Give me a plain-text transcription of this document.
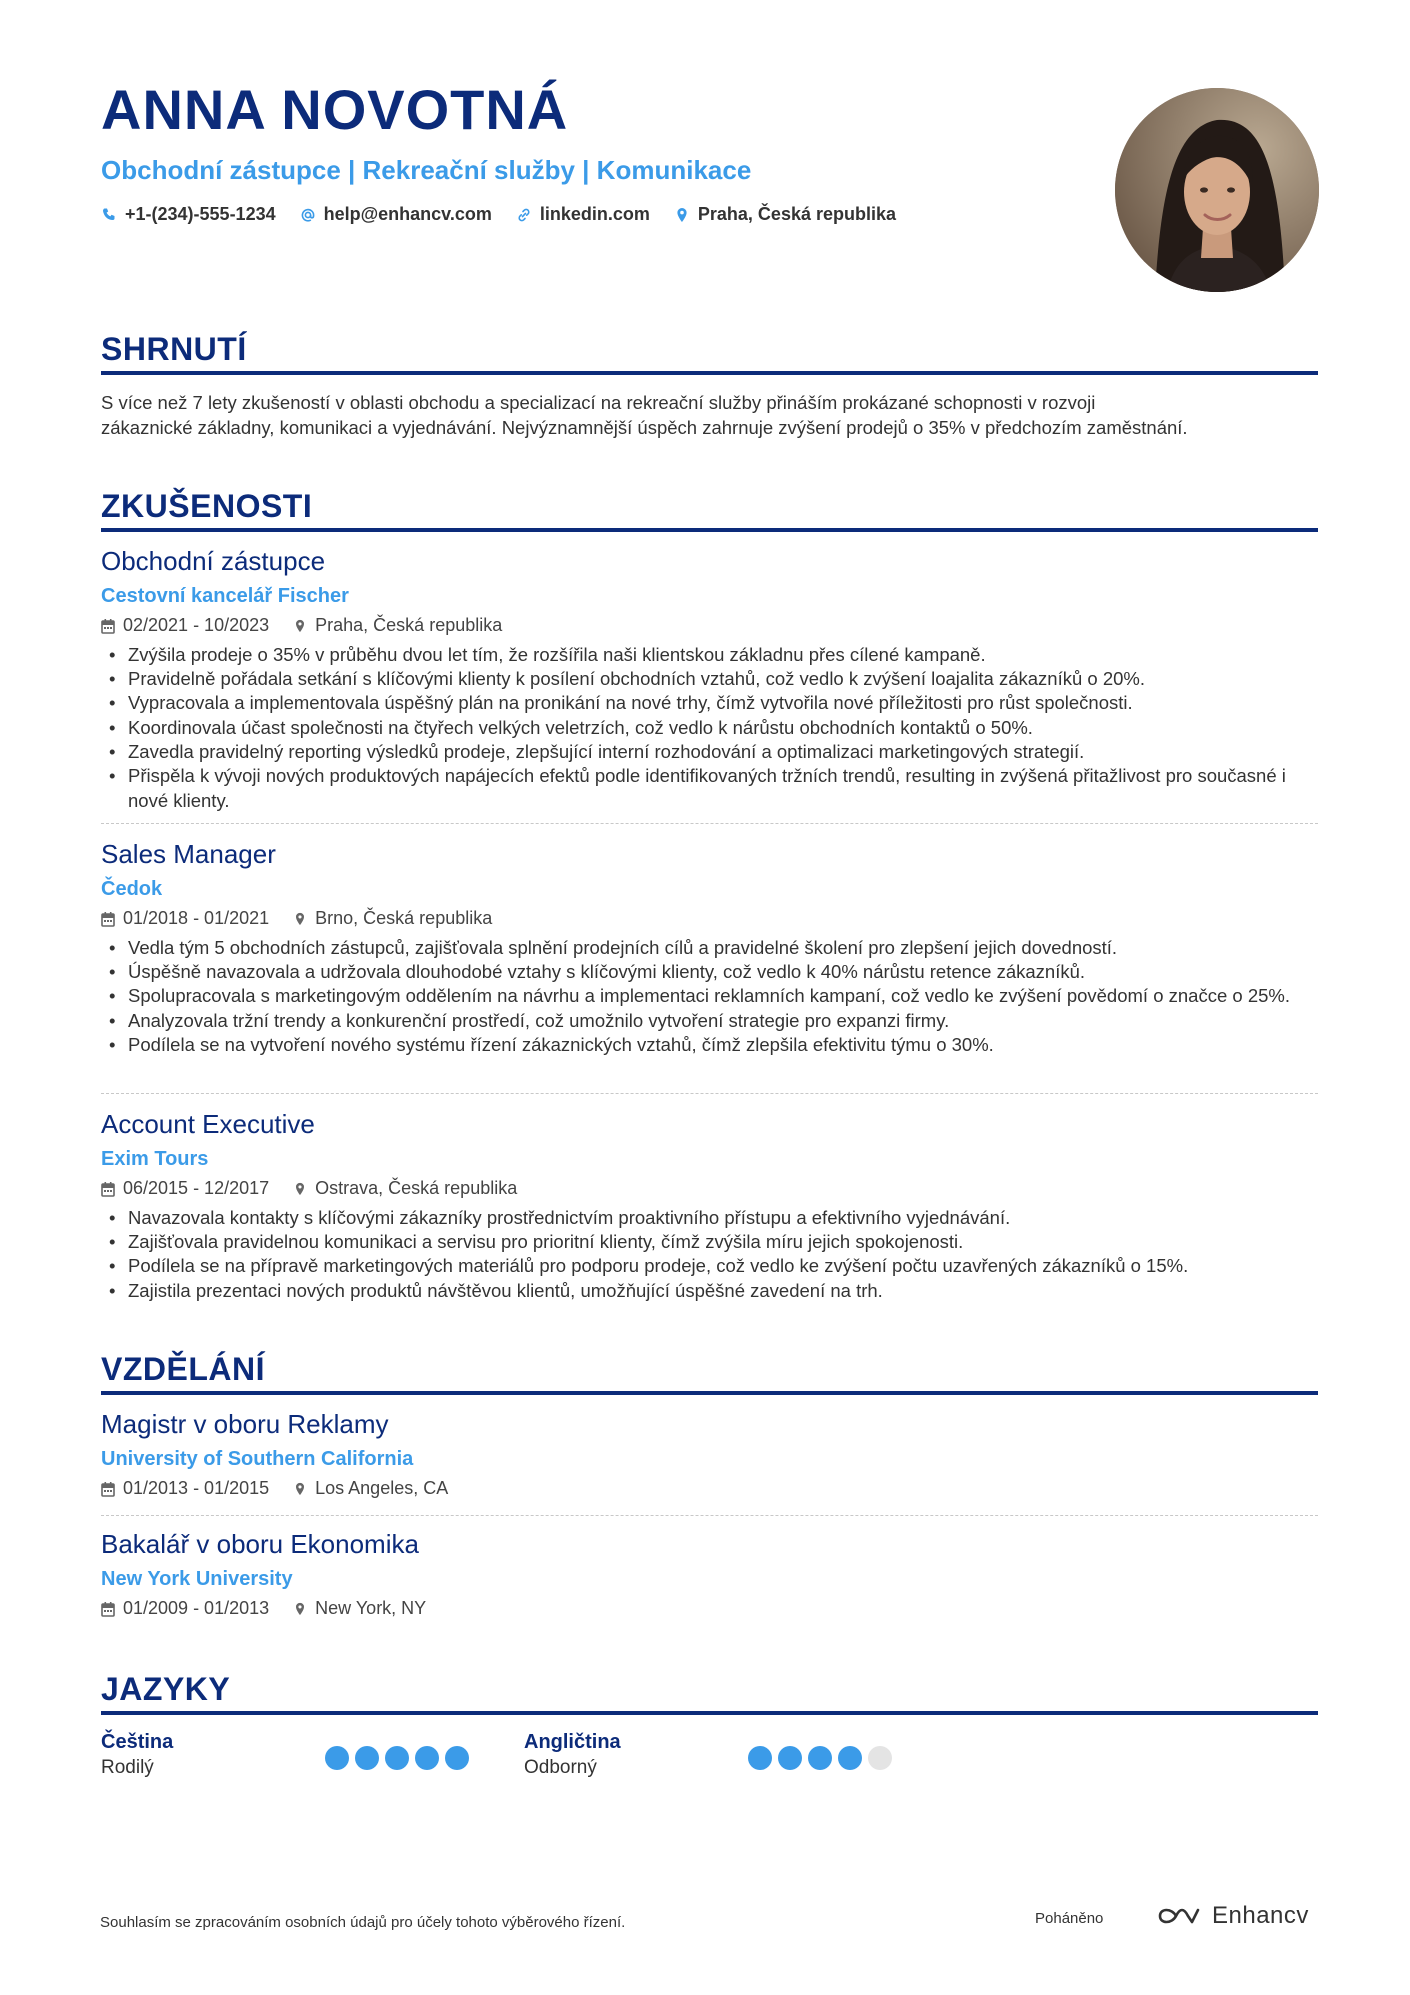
ANNA NOVOTNÁ
Obchodní zástupce | Rekreační služby | Komunikace
+1-(234)-555-1234	help@enhancv.com	linkedin.com	Praha, Česká republika
SHRNUTÍ
S více než 7 lety zkušeností v oblasti obchodu a specializací na rekreační služby přináším prokázané schopnosti v rozvoji
zákaznické základny, komunikaci a vyjednávání. Nejvýznamnější úspěch zahrnuje zvýšení prodejů o 35% v předchozím zaměstnání.
ZKUŠENOSTI
Obchodní zástupce
Cestovní kancelář Fischer
02/2021 - 10/2023	Praha, Česká republika
• Zvýšila prodeje o 35% v průběhu dvou let tím, že rozšířila naši klientskou základnu přes cílené kampaně.
• Pravidelně pořádala setkání s klíčovými klienty k posílení obchodních vztahů, což vedlo k zvýšení loajalita zákazníků o 20%.
• Vypracovala a implementovala úspěšný plán na pronikání na nové trhy, čímž vytvořila nové příležitosti pro růst společnosti.
• Koordinovala účast společnosti na čtyřech velkých veletrzích, což vedlo k nárůstu obchodních kontaktů o 50%.
• Zavedla pravidelný reporting výsledků prodeje, zlepšující interní rozhodování a optimalizaci marketingových strategií.
• Přispěla k vývoji nových produktových napájecích efektů podle identifikovaných tržních trendů, resulting in zvýšená přitažlivost pro současné i nové klienty.
Sales Manager
Čedok
01/2018 - 01/2021	Brno, Česká republika
• Vedla tým 5 obchodních zástupců, zajišťovala splnění prodejních cílů a pravidelné školení pro zlepšení jejich dovedností.
• Úspěšně navazovala a udržovala dlouhodobé vztahy s klíčovými klienty, což vedlo k 40% nárůstu retence zákazníků.
• Spolupracovala s marketingovým oddělením na návrhu a implementaci reklamních kampaní, což vedlo ke zvýšení povědomí o značce o 25%.
• Analyzovala tržní trendy a konkurenční prostředí, což umožnilo vytvoření strategie pro expanzi firmy.
• Podílela se na vytvoření nového systému řízení zákaznických vztahů, čímž zlepšila efektivitu týmu o 30%.
Account Executive
Exim Tours
06/2015 - 12/2017	Ostrava, Česká republika
• Navazovala kontakty s klíčovými zákazníky prostřednictvím proaktivního přístupu a efektivního vyjednávání.
• Zajišťovala pravidelnou komunikaci a servisu pro prioritní klienty, čímž zvýšila míru jejich spokojenosti.
• Podílela se na přípravě marketingových materiálů pro podporu prodeje, což vedlo ke zvýšení počtu uzavřených zákazníků o 15%.
• Zajistila prezentaci nových produktů návštěvou klientů, umožňující úspěšné zavedení na trh.
VZDĚLÁNÍ
Magistr v oboru Reklamy
University of Southern California
01/2013 - 01/2015	Los Angeles, CA
Bakalář v oboru Ekonomika
New York University
01/2009 - 01/2013	New York, NY
JAZYKY
Čeština
Rodilý
Angličtina
Odborný
Souhlasím se zpracováním osobních údajů pro účely tohoto výběrového řízení.	Poháněno	Enhancv
